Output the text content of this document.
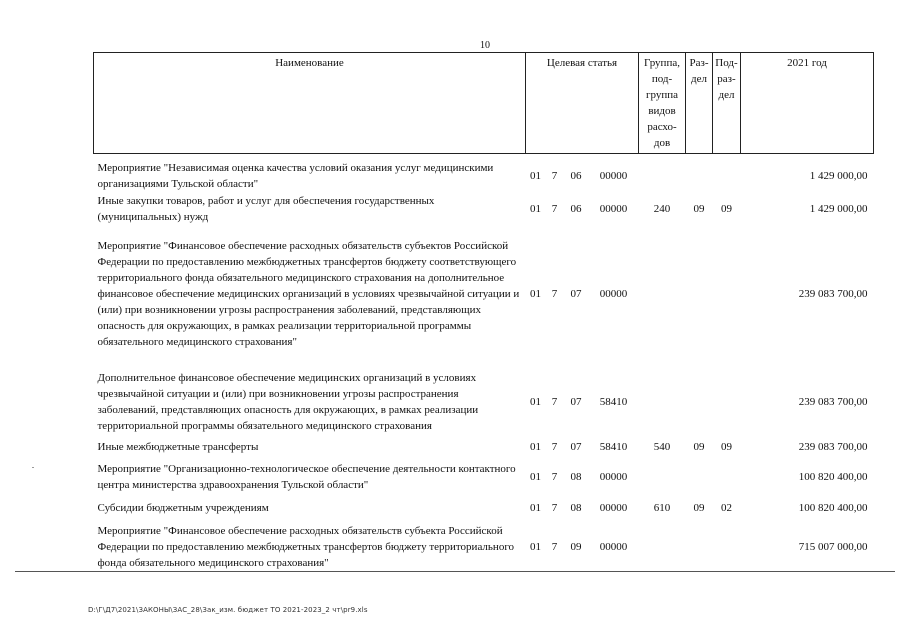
10
Наименование	Целевая статья				Группа, под- группа видов расхо- дов	Раз- дел	Под- раз- дел	2021 год

Мероприятие "Независимая оценка качества условий оказания услуг медицинскими организациями Тульской области"	01	7	06	00000				1 429 000,00
Иные закупки товаров, работ и услуг для обеспечения государственных (муниципальных) нужд	01	7	06	00000	240	09	09	1 429 000,00

Мероприятие "Финансовое обеспечение расходных обязательств субъектов Российской Федерации по предоставлению межбюджетных трансфертов бюджету соответствующего территориального фонда обязательного медицинского страхования на дополнительное финансовое обеспечение медицинских организаций в условиях чрезвычайной ситуации и (или) при возникновении угрозы распространения заболеваний, представляющих опасность для окружающих, в рамках реализации территориальной программы обязательного медицинского страхования"	01	7	07	00000				239 083 700,00

Дополнительное финансовое обеспечение медицинских организаций в условиях чрезвычайной ситуации и (или) при возникновении угрозы распространения заболеваний, представляющих опасность для окружающих, в рамках реализации территориальной программы обязательного медицинского страхования	01	7	07	58410				239 083 700,00
Иные межбюджетные трансферты	01	7	07	58410	540	09	09	239 083 700,00
Мероприятие "Организационно-технологическое обеспечение деятельности контактного центра министерства здравоохранения Тульской области"	01	7	08	00000				100 820 400,00
Субсидии бюджетным учреждениям	01	7	08	00000	610	09	02	100 820 400,00
Мероприятие "Финансовое обеспечение расходных обязательств субъекта Российской Федерации по предоставлению межбюджетных трансфертов бюджету территориального фонда обязательного медицинского страхования"	01	7	09	00000				715 007 000,00
D:\Г\Д7\2021\ЗАКОНЫ\ЗАС_28\Зак_изм. бюджет ТО 2021-2023_2 чт\рr9.xls
